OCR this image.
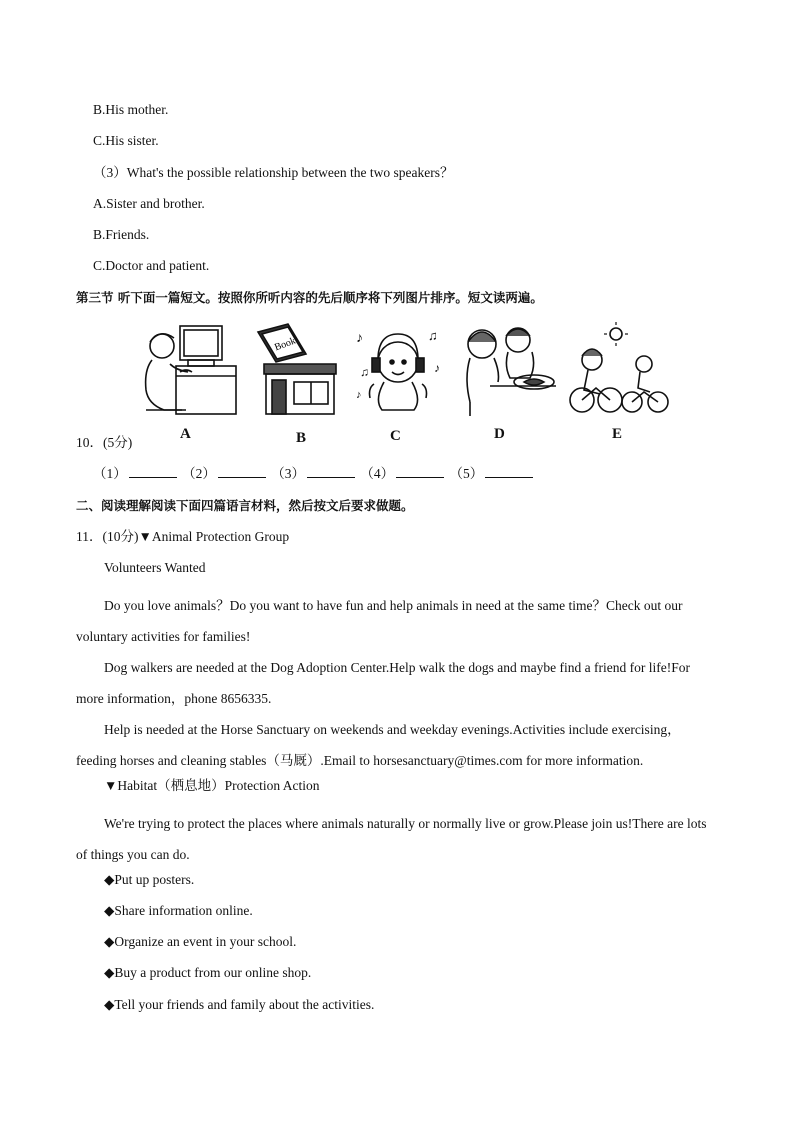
B.His mother.
C.His sister.
（3）What's the possible relationship between the two speakers？
A.Sister and brother.
B.Friends.
C.Doctor and patient.
第三节 听下面一篇短文。按照你所听内容的先后顺序将下列图片排序。短文读两遍。
A
Book
B
♪
♫
♫
♪
♪
C	D	E
10．(5分)
（1）	（2）	（3）	（4）	（5）
二、阅读理解阅读下面四篇语言材料，然后按文后要求做题。
11．(10分)▼Animal Protection Group
Volunteers Wanted
Do you love animals？Do you want to have fun and help animals in need at the same time？Check out our voluntary activities for families!
Dog walkers are needed at the Dog Adoption Center.Help walk the dogs and maybe find a friend for life!For more information，phone 8656335.
Help is needed at the Horse Sanctuary on weekends and weekday evenings.Activities include exercising，feeding horses and cleaning stables（马厩）.Email to horsesanctuary@times.com for more information.
▼Habitat（栖息地）Protection Action
We're trying to protect the places where animals naturally or normally live or grow.Please join us!There are lots of things you can do.
◆Put up posters.
◆Share information online.
◆Organize an event in your school.
◆Buy a product from our online shop.
◆Tell your friends and family about the activities.
